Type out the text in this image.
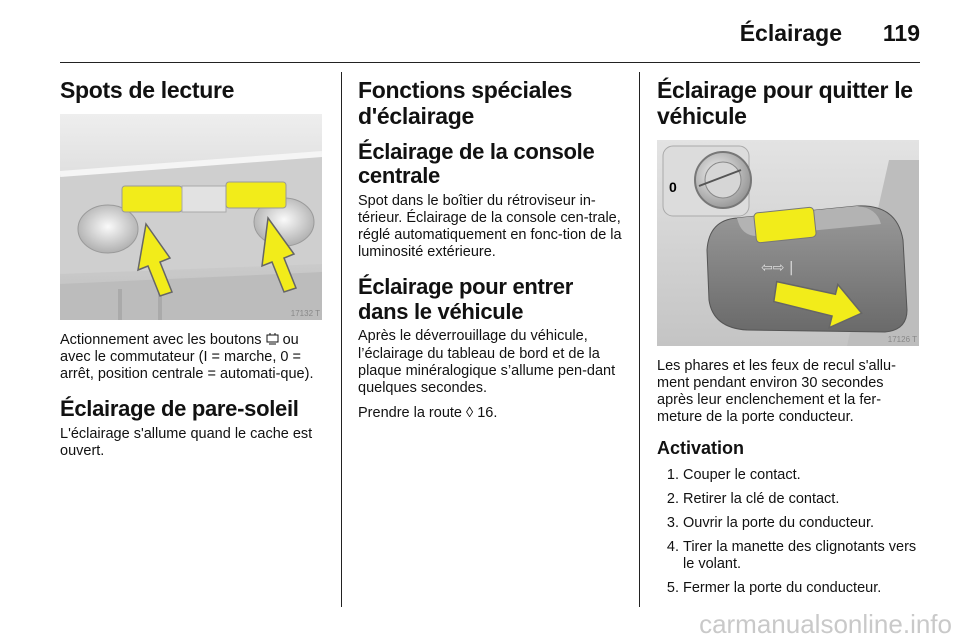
Éclairage 119
Spots de lecture
17132 T

Actionnement avec les boutons  ou avec le commutateur (I = marche, 0 = arrêt, position centrale = automati-que).

Éclairage de pare-soleil

L'éclairage s'allume quand le cache est ouvert.

Fonctions spéciales d'éclairage
Éclairage de la console centrale

Spot dans le boîtier du rétroviseur in-térieur. Éclairage de la console cen-trale, réglé automatiquement en fonc-tion de la luminosité extérieure.

Éclairage pour entrer dans le véhicule

Après le déverrouillage du véhicule, l’éclairage du tableau de bord et de la plaque minéralogique s’allume pen-dant quelques secondes.

Prendre la route ◊ 16.

Éclairage pour quitter le véhicule
0
⇦⇨ |
17126 T

Les phares et les feux de recul s'allu-ment pendant environ 30 secondes après leur enclenchement et la fer-meture de la porte conducteur.

Activation
1. Couper le contact.
2. Retirer la clé de contact.
3. Ouvrir la porte du conducteur.
4. Tirer la manette des clignotants vers le volant.
5. Fermer la porte du conducteur.
carmanualsonline.info
